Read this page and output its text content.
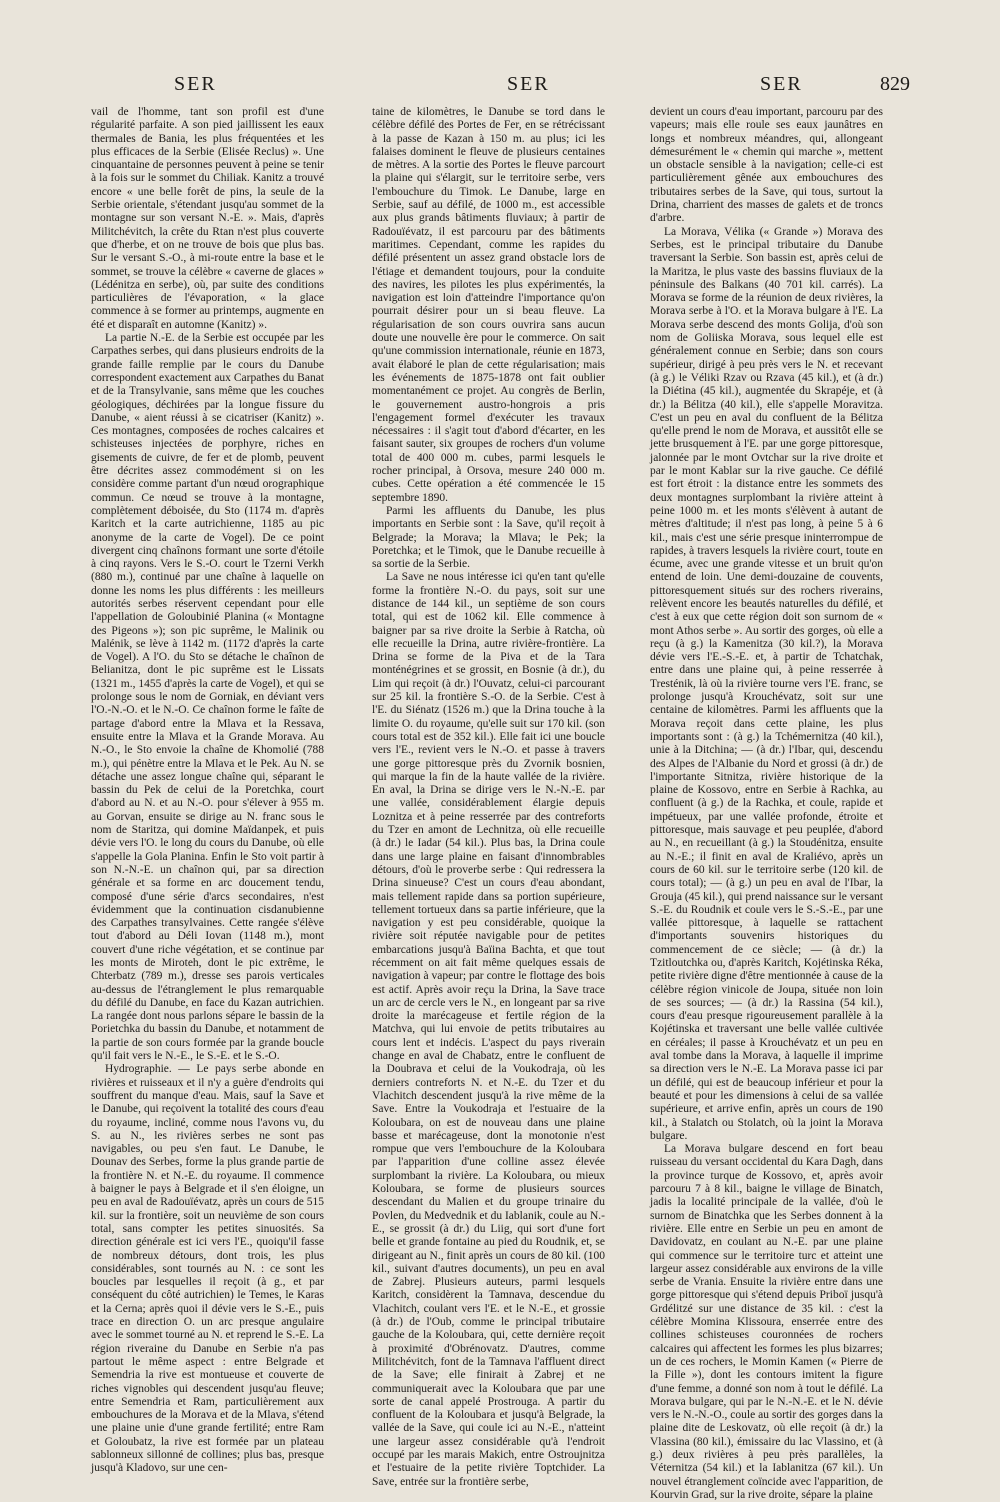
SER	SER	SER	829

vail de l'homme, tant son profil est d'une régularité parfaite. A son pied jaillissent les eaux thermales de Bania, les plus fréquentées et les plus efficaces de la Serbie (Elisée Reclus) ». Une cinquantaine de personnes peuvent à peine se tenir à la fois sur le sommet du Chiliak. Kanitz a trouvé encore « une belle forêt de pins, la seule de la Serbie orientale, s'étendant jusqu'au sommet de la montagne sur son versant N.-E. ». Mais, d'après Militchévitch, la crête du Rtan n'est plus couverte que d'herbe, et on ne trouve de bois que plus bas. Sur le versant S.-O., à mi-route entre la base et le sommet, se trouve la célèbre « caverne de glaces » (Lédénitza en serbe), où, par suite des conditions particulières de l'évaporation, « la glace commence à se former au printemps, augmente en été et disparaît en automne (Kanitz) ».

La partie N.-E. de la Serbie est occupée par les Carpathes serbes, qui dans plusieurs endroits de la grande faille remplie par le cours du Danube correspondent exactement aux Carpathes du Banat et de la Transylvanie, sans même que les couches géologiques, déchirées par la longue fissure du Danube, « aient réussi à se cicatriser (Kanitz) ». Ces montagnes, composées de roches calcaires et schisteuses injectées de porphyre, riches en gisements de cuivre, de fer et de plomb, peuvent être décrites assez commodément si on les considère comme partant d'un nœud orographique commun. Ce nœud se trouve à la montagne, complètement déboisée, du Sto (1174 m. d'après Karitch et la carte autrichienne, 1185 au pic anonyme de la carte de Vogel). De ce point divergent cinq chaînons formant une sorte d'étoile à cinq rayons. Vers le S.-O. court le Tzerni Verkh (880 m.), continué par une chaîne à laquelle on donne les noms les plus différents : les meilleurs autorités serbes réservent cependant pour elle l'appellation de Goloubinié Planina (« Montagne des Pigeons »); son pic suprême, le Malinik ou Malénik, se lève à 1142 m. (1172 d'après la carte de Vogel). A l'O. du Sto se détache le chaînon de Belianitza, dont le pic suprême est le Lissats (1321 m., 1455 d'après la carte de Vogel), et qui se prolonge sous le nom de Gorniak, en déviant vers l'O.-N.-O. et le N.-O. Ce chaînon forme le faîte de partage d'abord entre la Mlava et la Ressava, ensuite entre la Mlava et la Grande Morava. Au N.-O., le Sto envoie la chaîne de Khomolié (788 m.), qui pénètre entre la Mlava et le Pek. Au N. se détache une assez longue chaîne qui, séparant le bassin du Pek de celui de la Poretchka, court d'abord au N. et au N.-O. pour s'élever à 955 m. au Gorvan, ensuite se dirige au N. franc sous le nom de Staritza, qui domine Maïdanpek, et puis dévie vers l'O. le long du cours du Danube, où elle s'appelle la Gola Planina. Enfin le Sto voit partir à son N.-N.-E. un chaînon qui, par sa direction générale et sa forme en arc doucement tendu, composé d'une série d'arcs secondaires, n'est évidemment que la continuation cisdanubienne des Carpathes transylvaines. Cette rangée s'élève tout d'abord au Déli Iovan (1148 m.), mont couvert d'une riche végétation, et se continue par les monts de Miroteh, dont le pic extrême, le Chterbatz (789 m.), dresse ses parois verticales au-dessus de l'étranglement le plus remarquable du défilé du Danube, en face du Kazan autrichien. La rangée dont nous parlons sépare le bassin de la Porietchka du bassin du Danube, et notamment de la partie de son cours formée par la grande boucle qu'il fait vers le N.-E., le S.-E. et le S.-O.

Hydrographie. — Le pays serbe abonde en rivières et ruisseaux et il n'y a guère d'endroits qui souffrent du manque d'eau. Mais, sauf la Save et le Danube, qui reçoivent la totalité des cours d'eau du royaume, incliné, comme nous l'avons vu, du S. au N., les rivières serbes ne sont pas navigables, ou peu s'en faut. Le Danube, le Dounav des Serbes, forme la plus grande partie de la frontière N. et N.-E. du royaume. Il commence à baigner le pays à Belgrade et il s'en éloigne, un peu en aval de Radouïévatz, après un cours de 515 kil. sur la frontière, soit un neuvième de son cours total, sans compter les petites sinuosités. Sa direction générale est ici vers l'E., quoiqu'il fasse de nombreux détours, dont trois, les plus considérables, sont tournés au N. : ce sont les boucles par lesquelles il reçoit (à g., et par conséquent du côté autrichien) le Temes, le Karas et la Cerna; après quoi il dévie vers le S.-E., puis trace en direction O. un arc presque angulaire avec le sommet tourné au N. et reprend le S.-E. La région riveraine du Danube en Serbie n'a pas partout le même aspect : entre Belgrade et Semendria la rive est montueuse et couverte de riches vignobles qui descendent jusqu'au fleuve; entre Semendria et Ram, particulièrement aux embouchures de la Morava et de la Mlava, s'étend une plaine unie d'une grande fertilité; entre Ram et Goloubatz, la rive est formée par un plateau sablonneux sillonné de collines; plus bas, presque jusqu'à Kladovo, sur une cen-

taine de kilomètres, le Danube se tord dans le célèbre défilé des Portes de Fer, en se rétrécissant à la passe de Kazan à 150 m. au plus; ici les falaises dominent le fleuve de plusieurs centaines de mètres. A la sortie des Portes le fleuve parcourt la plaine qui s'élargit, sur le territoire serbe, vers l'embouchure du Timok. Le Danube, large en Serbie, sauf au défilé, de 1000 m., est accessible aux plus grands bâtiments fluviaux; à partir de Radouïévatz, il est parcouru par des bâtiments maritimes. Cependant, comme les rapides du défilé présentent un assez grand obstacle lors de l'étiage et demandent toujours, pour la conduite des navires, les pilotes les plus expérimentés, la navigation est loin d'atteindre l'importance qu'on pourrait désirer pour un si beau fleuve. La régularisation de son cours ouvrira sans aucun doute une nouvelle ère pour le commerce. On sait qu'une commission internationale, réunie en 1873, avait élaboré le plan de cette régularisation; mais les événements de 1875-1878 ont fait oublier momentanément ce projet. Au congrès de Berlin, le gouvernement austro-hongrois a pris l'engagement formel d'exécuter les travaux nécessaires : il s'agit tout d'abord d'écarter, en les faisant sauter, six groupes de rochers d'un volume total de 400 000 m. cubes, parmi lesquels le rocher principal, à Orsova, mesure 240 000 m. cubes. Cette opération a été commencée le 15 septembre 1890.

Parmi les affluents du Danube, les plus importants en Serbie sont : la Save, qu'il reçoit à Belgrade; la Morava; la Mlava; le Pek; la Poretchka; et le Timok, que le Danube recueille à sa sortie de la Serbie.

La Save ne nous intéresse ici qu'en tant qu'elle forme la frontière N.-O. du pays, soit sur une distance de 144 kil., un septième de son cours total, qui est de 1062 kil. Elle commence à baigner par sa rive droite la Serbie à Ratcha, où elle recueille la Drina, autre rivière-frontière. La Drina se forme de la Piva et de la Tara monténégrines et se grossit, en Bosnie (à dr.), du Lim qui reçoit (à dr.) l'Ouvatz, celui-ci parcourant sur 25 kil. la frontière S.-O. de la Serbie. C'est à l'E. du Siénatz (1526 m.) que la Drina touche à la limite O. du royaume, qu'elle suit sur 170 kil. (son cours total est de 352 kil.). Elle fait ici une boucle vers l'E., revient vers le N.-O. et passe à travers une gorge pittoresque près du Zvornik bosnien, qui marque la fin de la haute vallée de la rivière. En aval, la Drina se dirige vers le N.-N.-E. par une vallée, considérablement élargie depuis Loznitza et à peine resserrée par des contreforts du Tzer en amont de Lechnitza, où elle recueille (à dr.) le Iadar (54 kil.). Plus bas, la Drina coule dans une large plaine en faisant d'innombrables détours, d'où le proverbe serbe : Qui redressera la Drina sinueuse? C'est un cours d'eau abondant, mais tellement rapide dans sa portion supérieure, tellement tortueux dans sa partie inférieure, que la navigation y est peu considérable, quoique la rivière soit réputée navigable pour de petites embarcations jusqu'à Baïina Bachta, et que tout récemment on ait fait même quelques essais de navigation à vapeur; par contre le flottage des bois est actif. Après avoir reçu la Drina, la Save trace un arc de cercle vers le N., en longeant par sa rive droite la marécageuse et fertile région de la Matchva, qui lui envoie de petits tributaires au cours lent et indécis. L'aspect du pays riverain change en aval de Chabatz, entre le confluent de la Doubrava et celui de la Voukodraja, où les derniers contreforts N. et N.-E. du Tzer et du Vlachitch descendent jusqu'à la rive même de la Save. Entre la Voukodraja et l'estuaire de la Koloubara, on est de nouveau dans une plaine basse et marécageuse, dont la monotonie n'est rompue que vers l'embouchure de la Koloubara par l'apparition d'une colline assez élevée surplombant la rivière. La Koloubara, ou mieux Koloubara, se forme de plusieurs sources descendant du Malien et du groupe trinaire du Povlen, du Medvednik et du Iablanik, coule au N.-E., se grossit (à dr.) du Liig, qui sort d'une fort belle et grande fontaine au pied du Roudnik, et, se dirigeant au N., finit après un cours de 80 kil. (100 kil., suivant d'autres documents), un peu en aval de Zabrej. Plusieurs auteurs, parmi lesquels Karitch, considèrent la Tamnava, descendue du Vlachitch, coulant vers l'E. et le N.-E., et grossie (à dr.) de l'Oub, comme le principal tributaire gauche de la Koloubara, qui, cette dernière reçoit à proximité d'Obrénovatz. D'autres, comme Militchévitch, font de la Tamnava l'affluent direct de la Save; elle finirait à Zabrej et ne communiquerait avec la Koloubara que par une sorte de canal appelé Prostrouga. A partir du confluent de la Koloubara et jusqu'à Belgrade, la vallée de la Save, qui coule ici au N.-E., n'atteint une largeur assez considérable qu'à l'endroit occupé par les marais Makich, entre Ostroujnitza et l'estuaire de la petite rivière Toptchider. La Save, entrée sur la frontière serbe,

devient un cours d'eau important, parcouru par des vapeurs; mais elle roule ses eaux jaunâtres en longs et nombreux méandres, qui, allongeant démesurément le « chemin qui marche », mettent un obstacle sensible à la navigation; celle-ci est particulièrement gênée aux embouchures des tributaires serbes de la Save, qui tous, surtout la Drina, charrient des masses de galets et de troncs d'arbre.

La Morava, Vélika (« Grande ») Morava des Serbes, est le principal tributaire du Danube traversant la Serbie. Son bassin est, après celui de la Maritza, le plus vaste des bassins fluviaux de la péninsule des Balkans (40 701 kil. carrés). La Morava se forme de la réunion de deux rivières, la Morava serbe à l'O. et la Morava bulgare à l'E. La Morava serbe descend des monts Golija, d'où son nom de Goliiska Morava, sous lequel elle est généralement connue en Serbie; dans son cours supérieur, dirigé à peu près vers le N. et recevant (à g.) le Véliki Rzav ou Rzava (45 kil.), et (à dr.) la Diétina (45 kil.), augmentée du Skrapéje, et (à dr.) la Bélitza (40 kil.), elle s'appelle Moravitza. C'est un peu en aval du confluent de la Bélitza qu'elle prend le nom de Morava, et aussitôt elle se jette brusquement à l'E. par une gorge pittoresque, jalonnée par le mont Ovtchar sur la rive droite et par le mont Kablar sur la rive gauche. Ce défilé est fort étroit : la distance entre les sommets des deux montagnes surplombant la rivière atteint à peine 1000 m. et les monts s'élèvent à autant de mètres d'altitude; il n'est pas long, à peine 5 à 6 kil., mais c'est une série presque ininterrompue de rapides, à travers lesquels la rivière court, toute en écume, avec une grande vitesse et un bruit qu'on entend de loin. Une demi-douzaine de couvents, pittoresquement situés sur des rochers riverains, relèvent encore les beautés naturelles du défilé, et c'est à eux que cette région doit son surnom de « mont Athos serbe ». Au sortir des gorges, où elle a reçu (à g.) la Kamenitza (30 kil.?), la Morava dévie vers l'E.-S.-E. et, à partir de Tchatchak, entre dans une plaine qui, à peine resserrée à Tresténik, là où la rivière tourne vers l'E. franc, se prolonge jusqu'à Krouchévatz, soit sur une centaine de kilomètres. Parmi les affluents que la Morava reçoit dans cette plaine, les plus importants sont : (à g.) la Tchémernitza (40 kil.), unie à la Ditchina; — (à dr.) l'Ibar, qui, descendu des Alpes de l'Albanie du Nord et grossi (à dr.) de l'importante Sitnitza, rivière historique de la plaine de Kossovo, entre en Serbie à Rachka, au confluent (à g.) de la Rachka, et coule, rapide et impétueux, par une vallée profonde, étroite et pittoresque, mais sauvage et peu peuplée, d'abord au N., en recueillant (à g.) la Stoudénitza, ensuite au N.-E.; il finit en aval de Kraliévo, après un cours de 60 kil. sur le territoire serbe (120 kil. de cours total); — (à g.) un peu en aval de l'Ibar, la Grouja (45 kil.), qui prend naissance sur le versant S.-E. du Roudnik et coule vers le S.-S.-E., par une vallée pittoresque, à laquelle se rattachent d'importants souvenirs historiques du commencement de ce siècle; — (à dr.) la Tzitloutchka ou, d'après Karitch, Kojétinska Réka, petite rivière digne d'être mentionnée à cause de la célèbre région vinicole de Joupa, située non loin de ses sources; — (à dr.) la Rassina (54 kil.), cours d'eau presque rigoureusement parallèle à la Kojétinska et traversant une belle vallée cultivée en céréales; il passe à Krouchévatz et un peu en aval tombe dans la Morava, à laquelle il imprime sa direction vers le N.-E. La Morava passe ici par un défilé, qui est de beaucoup inférieur et pour la beauté et pour les dimensions à celui de sa vallée supérieure, et arrive enfin, après un cours de 190 kil., à Stalatch ou Stolatch, où la joint la Morava bulgare.

La Morava bulgare descend en fort beau ruisseau du versant occidental du Kara Dagh, dans la province turque de Kossovo, et, après avoir parcouru 7 à 8 kil., baigne le village de Binatch, jadis la localité principale de la vallée, d'où le surnom de Binatchka que les Serbes donnent à la rivière. Elle entre en Serbie un peu en amont de Davidovatz, en coulant au N.-E. par une plaine qui commence sur le territoire turc et atteint une largeur assez considérable aux environs de la ville serbe de Vrania. Ensuite la rivière entre dans une gorge pittoresque qui s'étend depuis Priboï jusqu'à Grdélitzé sur une distance de 35 kil. : c'est la célèbre Momina Klissoura, enserrée entre des collines schisteuses couronnées de rochers calcaires qui affectent les formes les plus bizarres; un de ces rochers, le Momin Kamen (« Pierre de la Fille »), dont les contours imitent la figure d'une femme, a donné son nom à tout le défilé. La Morava bulgare, qui par le N.-N.-E. et le N. dévie vers le N.-N.-O., coule au sortir des gorges dans la plaine dite de Leskovatz, où elle reçoit (à dr.) la Vlassina (80 kil.), émissaire du lac Vlassino, et (à g.) deux rivières à peu près parallèles, la Véternitza (54 kil.) et la Iablanitza (67 kil.). Un nouvel étranglement coïncide avec l'apparition, de Kourvin Grad, sur la rive droite, sépare la plaine
